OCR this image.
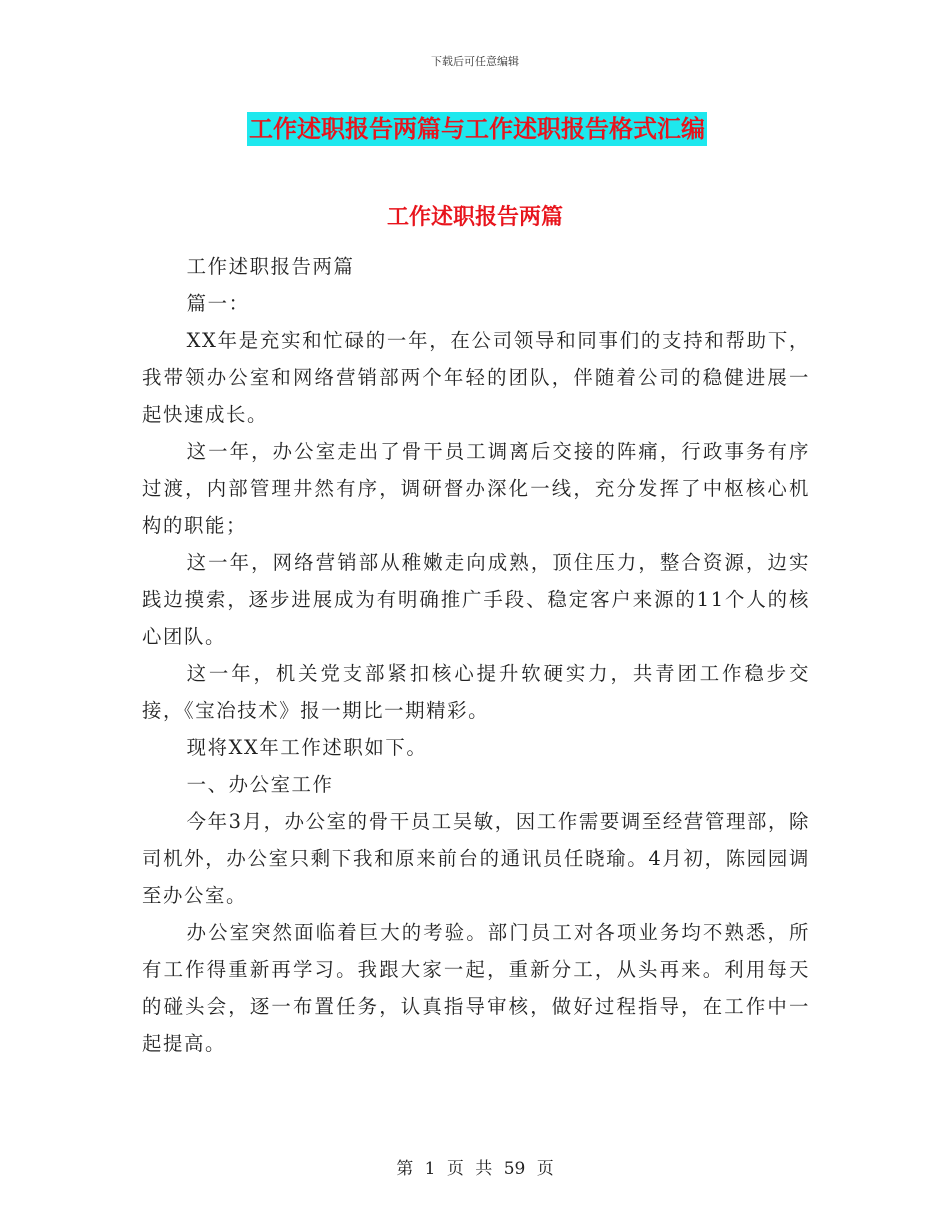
下载后可任意编辑
工作述职报告两篇与工作述职报告格式汇编
工作述职报告两篇

工作述职报告两篇

篇一：

XX年是充实和忙碌的一年，在公司领导和同事们的支持和帮助下，我带领办公室和网络营销部两个年轻的团队，伴随着公司的稳健进展一起快速成长。

这一年，办公室走出了骨干员工调离后交接的阵痛，行政事务有序过渡，内部管理井然有序，调研督办深化一线，充分发挥了中枢核心机构的职能；

这一年，网络营销部从稚嫩走向成熟，顶住压力，整合资源，边实践边摸索，逐步进展成为有明确推广手段、稳定客户来源的11个人的核心团队。

这一年，机关党支部紧扣核心提升软硬实力，共青团工作稳步交接，《宝冶技术》报一期比一期精彩。

现将XX年工作述职如下。

一、办公室工作

今年3月，办公室的骨干员工吴敏，因工作需要调至经营管理部，除司机外，办公室只剩下我和原来前台的通讯员任晓瑜。4月初，陈园园调至办公室。

办公室突然面临着巨大的考验。部门员工对各项业务均不熟悉，所有工作得重新再学习。我跟大家一起，重新分工，从头再来。利用每天的碰头会，逐一布置任务，认真指导审核，做好过程指导，在工作中一起提高。

第 1 页 共 59 页
